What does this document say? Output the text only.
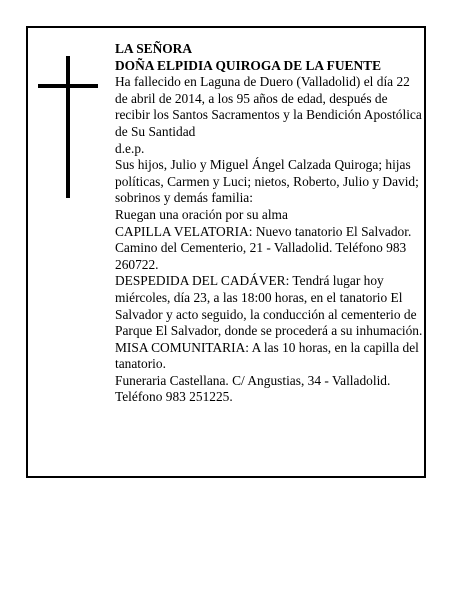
LA SEÑORA

DOÑA ELPIDIA QUIROGA DE LA FUENTE

Ha fallecido en Laguna de Duero (Valladolid) el día 22 de abril de 2014, a los 95 años de edad, después de recibir los Santos Sacramentos y la Bendición Apostólica de Su Santidad

d.e.p.

Sus hijos, Julio y Miguel Ángel Calzada Quiroga; hijas políticas, Carmen y Luci; nietos, Roberto, Julio y David; sobrinos y demás familia:

Ruegan una oración por su alma

CAPILLA VELATORIA: Nuevo tanatorio El Salvador. Camino del Cementerio, 21 - Valladolid. Teléfono 983 260722.

DESPEDIDA DEL CADÁVER: Tendrá lugar hoy miércoles, día 23, a las 18:00 horas, en el tanatorio El Salvador y acto seguido, la conducción al cementerio de Parque El Salvador, donde se procederá a su inhumación.

MISA COMUNITARIA: A las 10 horas, en la capilla del tanatorio.

Funeraria Castellana. C/ Angustias, 34 - Valladolid. Teléfono 983 251225.
